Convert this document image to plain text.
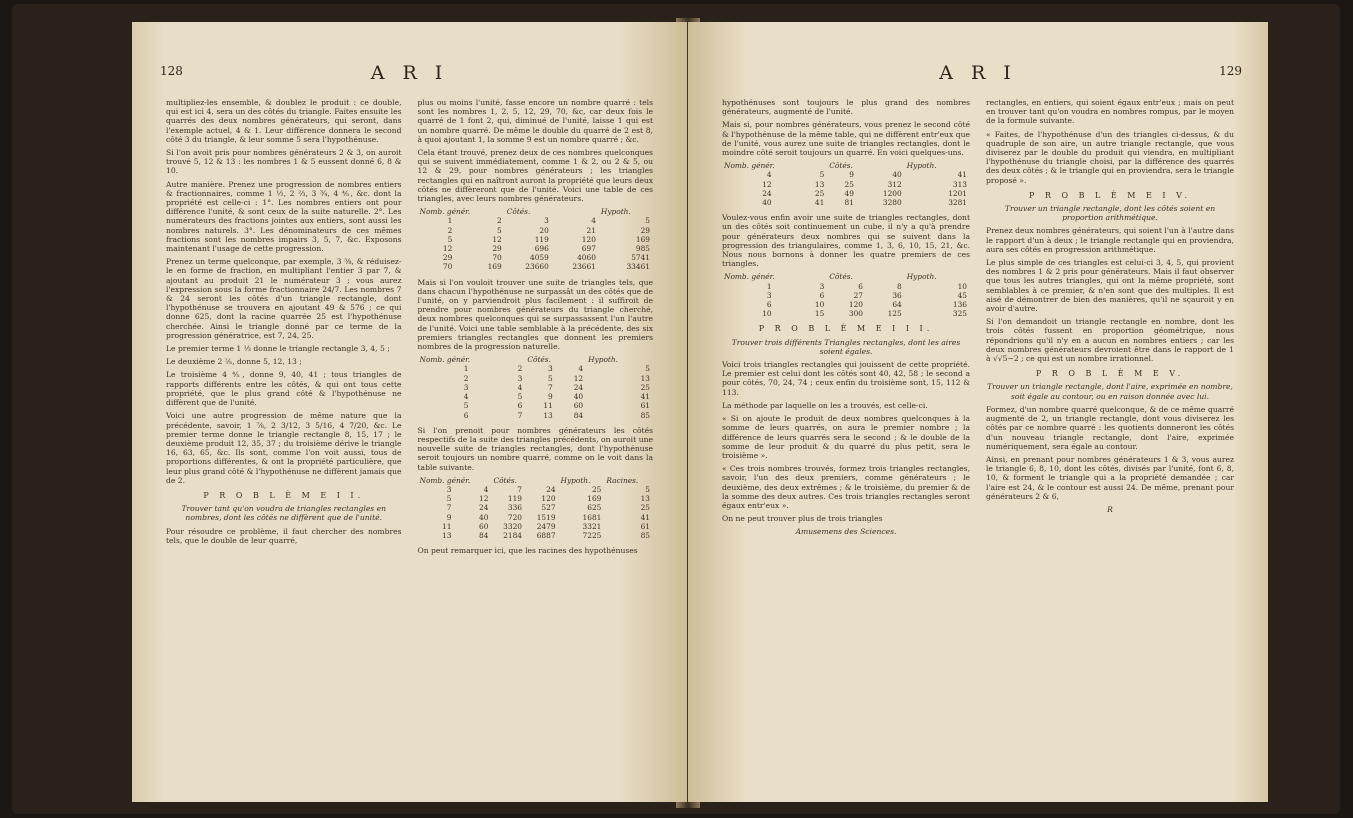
128	A R I

multipliez-les ensemble, & doublez le produit : ce double, qui est ici 4, sera un des côtés du triangle. Faites ensuite les quarrés des deux nombres générateurs, qui seront, dans l'exemple actuel, 4 & 1. Leur différence donnera le second côté 3 du triangle, & leur somme 5 sera l'hypothénuse.

Si l'on avoit pris pour nombres générateurs 2 & 3, on auroit trouvé 5, 12 & 13 : les nombres 1 & 5 eussent donné 6, 8 & 10.

Autre manière. Prenez une progression de nombres entiers & fractionnaires, comme 1 ½, 2 ⅔, 3 ¾, 4 ⅘, &c. dont la propriété est celle-ci : 1°. Les nombres entiers ont pour différence l'unité, & sont ceux de la suite naturelle. 2°. Les numérateurs des fractions jointes aux entiers, sont aussi les nombres naturels. 3°. Les dénominateurs de ces mêmes fractions sont les nombres impairs 3, 5, 7, &c. Exposons maintenant l'usage de cette progression.

Prenez un terme quelconque, par exemple, 3 ⅜, & réduisez-le en forme de fraction, en multipliant l'entier 3 par 7, & ajoutant au produit 21 le numérateur 3 ; vous aurez l'expression sous la forme fractionnaire 24/7. Les nombres 7 & 24 seront les côtés d'un triangle rectangle, dont l'hypothénuse se trouvera en ajoutant 49 & 576 ; ce qui donne 625, dont la racine quarrée 25 est l'hypothénuse cherchée. Ainsi le triangle donné par ce terme de la progression génératrice, est 7, 24, 25.

Le premier terme 1 ⅓ donne le triangle rectangle 3, 4, 5 ;

Le deuxième 2 ⅖, donne 5, 12, 13 ;

Le troisième 4 ⅘, donne 9, 40, 41 ; tous triangles de rapports différents entre les côtés, & qui ont tous cette propriété, que le plus grand côté & l'hypothénuse ne diffèrent que de l'unité.

Voici une autre progression de même nature que la précédente, savoir, 1 ⅞, 2 3/12, 3 5/16, 4 7/20, &c. Le premier terme donne le triangle rectangle 8, 15, 17 ; le deuxième produit 12, 35, 37 ; du troisième dérive le triangle 16, 63, 65, &c. Ils sont, comme l'on voit aussi, tous de proportions différentes, & ont la propriété particulière, que leur plus grand côté & l'hypothénuse ne diffèrent jamais que de 2.

P R O B L È M E I I.

Trouver tant qu'on voudra de triangles rectangles en nombres, dont les côtés ne diffèrent que de l'unité.

Pour résoudre ce problème, il faut chercher des nombres tels, que le double de leur quarré,

plus ou moins l'unité, fasse encore un nombre quarré : tels sont les nombres 1, 2, 5, 12, 29, 70, &c, car deux fois le quarré de 1 font 2, qui, diminué de l'unité, laisse 1 qui est un nombre quarré. De même le double du quarré de 2 est 8, à quoi ajoutant 1, la somme 9 est un nombre quarré ; &c.

Cela étant trouvé, prenez deux de ces nombres quelconques qui se suivent immédiatement, comme 1 & 2, ou 2 & 5, ou 12 & 29, pour nombres générateurs ; les triangles rectangles qui en naîtront auront la propriété que leurs deux côtés ne diffèreront que de l'unité. Voici une table de ces triangles, avec leurs nombres générateurs.

Nomb. génér.		Côtés.		Hypoth.
1	2	3	4	5
2	5	20	21	29
5	12	119	120	169
12	29	696	697	985
29	70	4059	4060	5741
70	169	23660	23661	33461

Mais si l'on vouloit trouver une suite de triangles tels, que dans chacun l'hypothénuse ne surpassât un des côtés que de l'unité, on y parviendroit plus facilement : il suffiroit de prendre pour nombres générateurs du triangle cherché, deux nombres quelconques qui se surpassassent l'un l'autre de l'unité. Voici une table semblable à la précédente, des six premiers triangles rectangles que donnent les premiers nombres de la progression naturelle.

Nomb. génér.		Côtés.		Hypoth.
1	2	3	4	5
2	3	5	12	13
3	4	7	24	25
4	5	9	40	41
5	6	11	60	61
6	7	13	84	85

Si l'on prenoit pour nombres générateurs les côtés respectifs de la suite des triangles précédents, on auroit une nouvelle suite de triangles rectangles, dont l'hypothénuse seroit toujours un nombre quarré, comme on le voit dans la table suivante.

Nomb. génér.		Côtés.		Hypoth.	Racines.
3	4	7	24	25	5
5	12	119	120	169	13
7	24	336	527	625	25
9	40	720	1519	1681	41
11	60	3320	2479	3321	61
13	84	2184	6887	7225	85

On peut remarquer ici, que les racines des hypothénuses

A R I	129

hypothénuses sont toujours le plus grand des nombres générateurs, augmenté de l'unité.

Mais si, pour nombres générateurs, vous prenez le second côté & l'hypothénuse de la même table, qui ne diffèrent entr'eux que de l'unité, vous aurez une suite de triangles rectangles, dont le moindre côté seroit toujours un quarré. En voici quelques-uns.

Nomb. génér.		Côtés.		Hypoth.
4	5	9	40	41
12	13	25	312	313
24	25	49	1200	1201
40	41	81	3280	3281

Voulez-vous enfin avoir une suite de triangles rectangles, dont un des côtés soit continuement un cube, il n'y a qu'à prendre pour générateurs deux nombres qui se suivent dans la progression des triangulaires, comme 1, 3, 6, 10, 15, 21, &c. Nous nous bornons à donner les quatre premiers de ces triangles.

Nomb. génér.		Côtés.		Hypoth.
1	3	6	8	10
3	6	27	36	45
6	10	120	64	136
10	15	300	125	325

P R O B L È M E I I I.

Trouver trois différents Triangles rectangles, dont les aires soient égales.

Voici trois triangles rectangles qui jouissent de cette propriété. Le premier est celui dont les côtés sont 40, 42, 58 ; le second a pour côtés, 70, 24, 74 ; ceux enfin du troisième sont, 15, 112 & 113.

La méthode par laquelle on les a trouvés, est celle-ci.

« Si on ajoute le produit de deux nombres quelconques à la somme de leurs quarrés, on aura le premier nombre ; la différence de leurs quarrés sera le second ; & le double de la somme de leur produit & du quarré du plus petit, sera le troisième ».

« Ces trois nombres trouvés, formez trois triangles rectangles, savoir, l'un des deux premiers, comme générateurs ; le deuxième, des deux extrêmes ; & le troisième, du premier & de la somme des deux autres. Ces trois triangles rectangles seront égaux entr'eux ».

On ne peut trouver plus de trois triangles

Amusemens des Sciences.

rectangles, en entiers, qui soient égaux entr'eux ; mais on peut en trouver tant qu'on voudra en nombres rompus, par le moyen de la formule suivante.

« Faites, de l'hypothénuse d'un des triangles ci-dessus, & du quadruple de son aire, un autre triangle rectangle, que vous diviserez par le double du produit qui viendra, en multipliant l'hypothénuse du triangle choisi, par la différence des quarrés des deux côtés ; & le triangle qui en proviendra, sera le triangle proposé ».

P R O B L È M E I V.

Trouver un triangle rectangle, dont les côtés soient en proportion arithmétique.

Prenez deux nombres générateurs, qui soient l'un à l'autre dans le rapport d'un à deux ; le triangle rectangle qui en proviendra, aura ses côtés en progression arithmétique.

Le plus simple de ces triangles est celui-ci 3, 4, 5, qui provient des nombres 1 & 2 pris pour générateurs. Mais il faut observer que tous les autres triangles, qui ont la même propriété, sont semblables à ce premier, & n'en sont que des multiples. Il est aisé de démontrer de bien des manières, qu'il ne sçauroit y en avoir d'autre.

Si l'on demandoit un triangle rectangle en nombre, dont les trois côtés fussent en proportion géométrique, nous répondrions qu'il n'y en a aucun en nombres entiers ; car les deux nombres générateurs devroient être dans le rapport de 1 à √√5−2 ; ce qui est un nombre irrationnel.

P R O B L È M E V.

Trouver un triangle rectangle, dont l'aire, exprimée en nombre, soit égale au contour, ou en raison donnée avec lui.

Formez, d'un nombre quarré quelconque, & de ce même quarré augmenté de 2, un triangle rectangle, dont vous diviserez les côtés par ce nombre quarré : les quotients donneront les côtés d'un nouveau triangle rectangle, dont l'aire, exprimée numériquement, sera égale au contour.

Ainsi, en prenant pour nombres générateurs 1 & 3, vous aurez le triangle 6, 8, 10, dont les côtés, divisés par l'unité, font 6, 8, 10, & forment le triangle qui a la propriété demandée ; car l'aire est 24, & le contour est aussi 24. De même, prenant pour générateurs 2 & 6,

R
